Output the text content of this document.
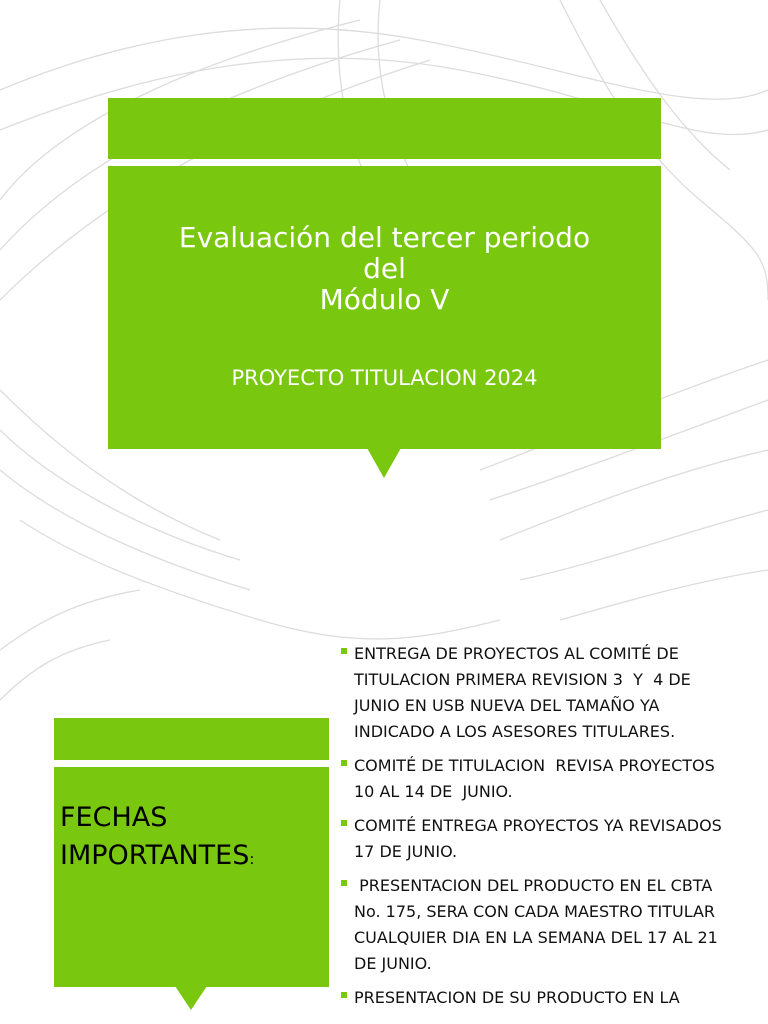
Evaluación del tercer periodo
del
Módulo V

PROYECTO TITULACION 2024

FECHAS
IMPORTANTES:
ENTREGA DE PROYECTOS AL COMITÉ DE TITULACION PRIMERA REVISION 3  Y  4 DE  JUNIO EN USB NUEVA DEL TAMAÑO YA INDICADO A LOS ASESORES TITULARES.
COMITÉ DE TITULACION  REVISA PROYECTOS 10 AL 14 DE  JUNIO.
COMITÉ ENTREGA PROYECTOS YA REVISADOS 17 DE JUNIO.
PRESENTACION DEL PRODUCTO EN EL CBTA No. 175, SERA CON CADA MAESTRO TITULAR CUALQUIER DIA EN LA SEMANA DEL 17 AL 21 DE JUNIO.
PRESENTACION DE SU PRODUCTO EN LA
